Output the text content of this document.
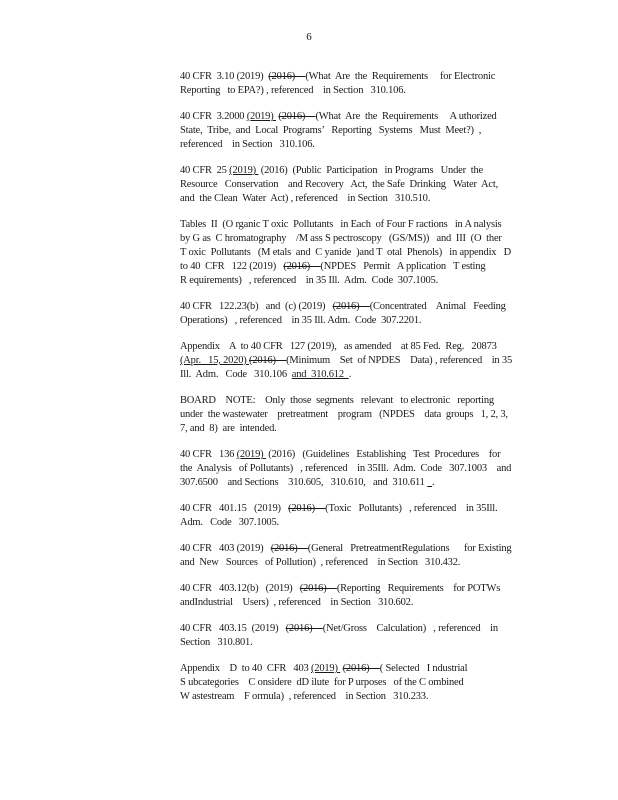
6
40 CFR  3.10 (2019)  (2016)—(What  Are  the  Requirements     for Electronic
Reporting   to EPA?) , referenced    in Section   310.106.
40 CFR  3.2000 (2019)  (2016)—(What  Are  the  Requirements     A uthorized
State,  Tribe,  and  Local  Programs’   Reporting   Systems   Must  Meet?)  ,
referenced    in Section   310.106.
40 CFR  25 (2019)  (2016)  (Public  Participation   in Programs   Under  the
Resource   Conservation    and Recovery   Act,  the Safe  Drinking   Water  Act,
and  the Clean  Water  Act) , referenced    in Section   310.510.
Tables  II  (O rganic T oxic  Pollutants   in Each  of Four F ractions   in A nalysis
by G as  C hromatography    /M ass S pectroscopy   (GS/MS))   and  III  (O  ther
T oxic  Pollutants   (M etals  and  C yanide  )and T  otal  Phenols)   in appendix   D
to 40  CFR   122 (2019)   (2016)—(NPDES   Permit   A pplication   T esting
R equirements)   , referenced    in 35 Ill.  Adm.  Code  307.1005.
40 CFR   122.23(b)   and  (c) (2019)   (2016)—(Concentrated    Animal   Feeding
Operations)   , referenced    in 35 Ill. Adm.  Code  307.2201.
Appendix    A  to 40 CFR   127 (2019),   as amended    at 85 Fed.  Reg.   20873
(Apr.   15, 2020) (2016)—(Minimum    Set  of NPDES    Data) , referenced    in 35
Ill.  Adm.   Code   310.106  and  310.612  .
BOARD    NOTE:    Only  those  segments   relevant   to electronic   reporting
under  the wastewater    pretreatment    program   (NPDES    data  groups   1, 2, 3,
7, and  8)  are  intended.
40 CFR   136 (2019)  (2016)   (Guidelines   Establishing   Test  Procedures    for
the  Analysis   of Pollutants)   , referenced    in 35Ill.  Adm.  Code   307.1003    and
307.6500    and Sections    310.605,   310.610,   and  310.611   .
40 CFR   401.15   (2019)   (2016)—(Toxic   Pollutants)   , referenced    in 35Ill.
Adm.   Code   307.1005.
40 CFR   403 (2019)   (2016)—(General   PretreatmentRegulations      for Existing
and  New   Sources   of Pollution)  , referenced    in Section   310.432.
40 CFR   403.12(b)   (2019)   (2016)—(Reporting   Requirements    for POTWs
andIndustrial    Users)  , referenced    in Section   310.602.
40 CFR   403.15  (2019)   (2016)—(Net/Gross    Calculation)   , referenced    in
Section   310.801.
Appendix    D  to 40  CFR   403 (2019)  (2016)—( Selected   I ndustrial
S ubcategories    C onsidere  dD ilute  for P urposes   of the C ombined
W astestream    F ormula)  , referenced    in Section   310.233.
